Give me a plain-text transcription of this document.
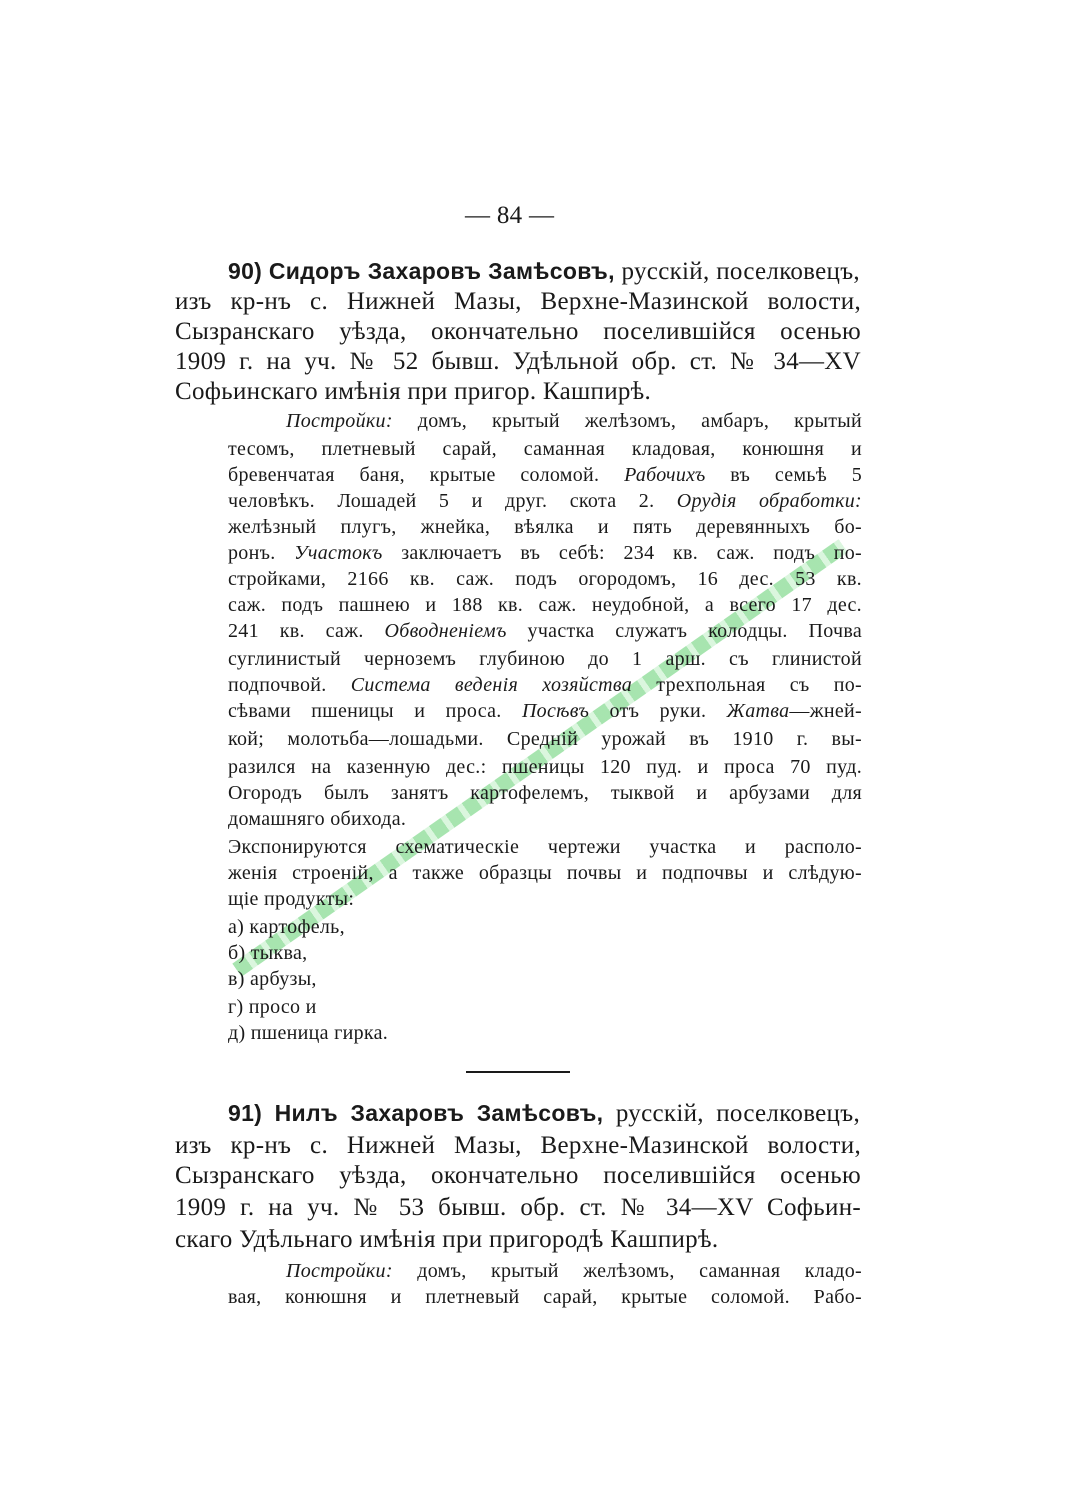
— 84 —
90) Сидоръ Захаровъ Замѣсовъ, русскій, поселковецъ,
изъ кр-нъ с. Нижней Мазы, Верхне-Мазинской волости,
Сызранскаго уѣзда, окончательно поселившійся осенью
1909 г. на уч. № 52 бывш. Удѣльной обр. ст. № 34—XV
Софьинскаго имѣнія при пригор. Кашпирѣ.
Постройки: домъ, крытый желѣзомъ, амбаръ, крытый
тесомъ, плетневый сарай, саманная кладовая, конюшня и
бревенчатая баня, крытые соломой. Рабочихъ въ семьѣ 5
человѣкъ. Лошадей 5 и друг. скота 2. Орудія обработки:
желѣзный плугъ, жнейка, вѣялка и пять деревянныхъ бо-
ронъ. Участокъ заключаетъ въ себѣ: 234 кв. саж. подъ по-
стройками, 2166 кв. саж. подъ огородомъ, 16 дес. 53 кв.
саж. подъ пашнею и 188 кв. саж. неудобной, а всего 17 дес.
241 кв. саж. Обводненіемъ участка служатъ колодцы. Почва
суглинистый черноземъ глубиною до 1 арш. съ глинистой
подпочвой. Система веденія хозяйства трехпольная съ по-
сѣвами пшеницы и проса. Посѣвъ отъ руки. Жатва—жней-
кой; молотьба—лошадьми. Средній урожай въ 1910 г. вы-
разился на казенную дес.: пшеницы 120 пуд. и проса 70 пуд.
Огородъ былъ занятъ картофелемъ, тыквой и арбузами для
домашняго обихода.
Экспонируются схематическіе чертежи участка и располо-
женія строеній, а также образцы почвы и подпочвы и слѣдую-
щіе продукты:
а) картофель,
б) тыква,
в) арбузы,
г) просо и
д) пшеница гирка.
91) Нилъ Захаровъ Замѣсовъ, русскій, поселковецъ,
изъ кр-нъ с. Нижней Мазы, Верхне-Мазинской волости,
Сызранскаго уѣзда, окончательно поселившійся осенью
1909 г. на уч. № 53 бывш. обр. ст. № 34—XV Софьин-
скаго Удѣльнаго имѣнія при пригородѣ Кашпирѣ.
Постройки: домъ, крытый желѣзомъ, саманная кладо-
вая, конюшня и плетневый сарай, крытые соломой. Рабо-
